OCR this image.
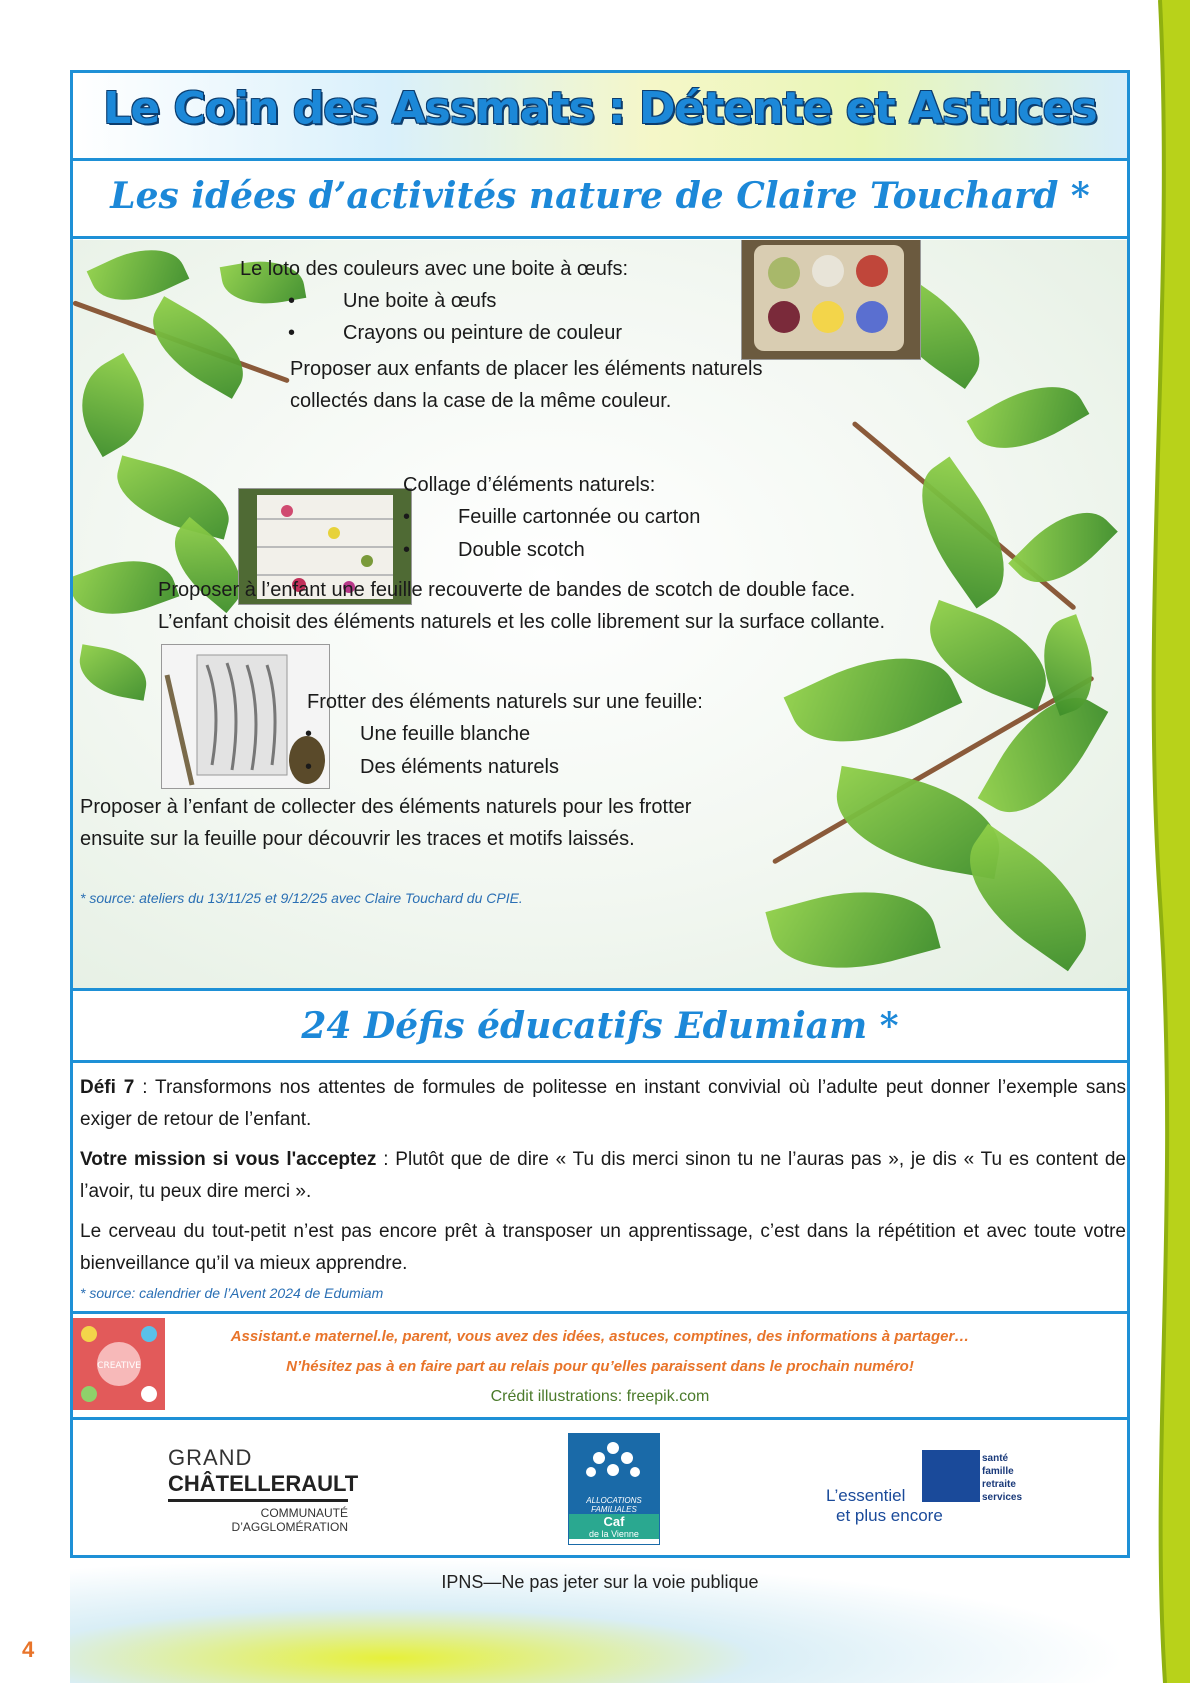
Le Coin des Assmats : Détente et Astuces
Les idées d’activités nature de Claire Touchard *
Le loto des couleurs avec une boite à œufs:
• Une boite à œufs
• Crayons ou peinture de couleur
Proposer aux enfants de placer les éléments naturels
collectés dans la case de la même couleur.
Collage d’éléments naturels:
• Feuille cartonnée ou carton
• Double scotch
Proposer à l’enfant une feuille recouverte de bandes de scotch de double face.
L’enfant choisit des éléments naturels et les colle librement sur la surface collante.
Frotter des éléments naturels sur une feuille:
• Une feuille blanche
• Des éléments naturels
Proposer à l’enfant de collecter des éléments naturels pour les frotter
ensuite sur la feuille pour découvrir les traces et motifs laissés.
* source: ateliers du 13/11/25 et 9/12/25 avec Claire Touchard du CPIE.
24 Défis éducatifs Edumiam *

Défi 7 : Transformons nos attentes de formules de politesse en instant convivial où l’adulte peut donner l’exemple sans exiger de retour de l’enfant.

Votre mission si vous l'acceptez : Plutôt que de dire « Tu dis merci sinon tu ne l’auras pas », je dis « Tu es content de l’avoir, tu peux dire merci ».

Le cerveau du tout-petit n’est pas encore prêt à transposer un apprentissage, c’est dans la répétition et avec toute votre bienveillance qu’il va mieux apprendre.

* source: calendrier de l’Avent 2024 de Edumiam
CREATIVE
Assistant.e maternel.le, parent, vous avez des idées, astuces, comptines, des informations à partager…
N’hésitez pas à en faire part au relais pour qu’elles paraissent dans le prochain numéro!
Crédit illustrations: freepik.com
GRAND
CHÂTELLERAULT
COMMUNAUTÉ
D’AGGLOMÉRATION
ALLOCATIONS
FAMILIALES
Caf
de la Vienne
santé
famille
retraite
services
L’essentiel
et plus encore
IPNS—Ne pas jeter sur la voie publique
4
